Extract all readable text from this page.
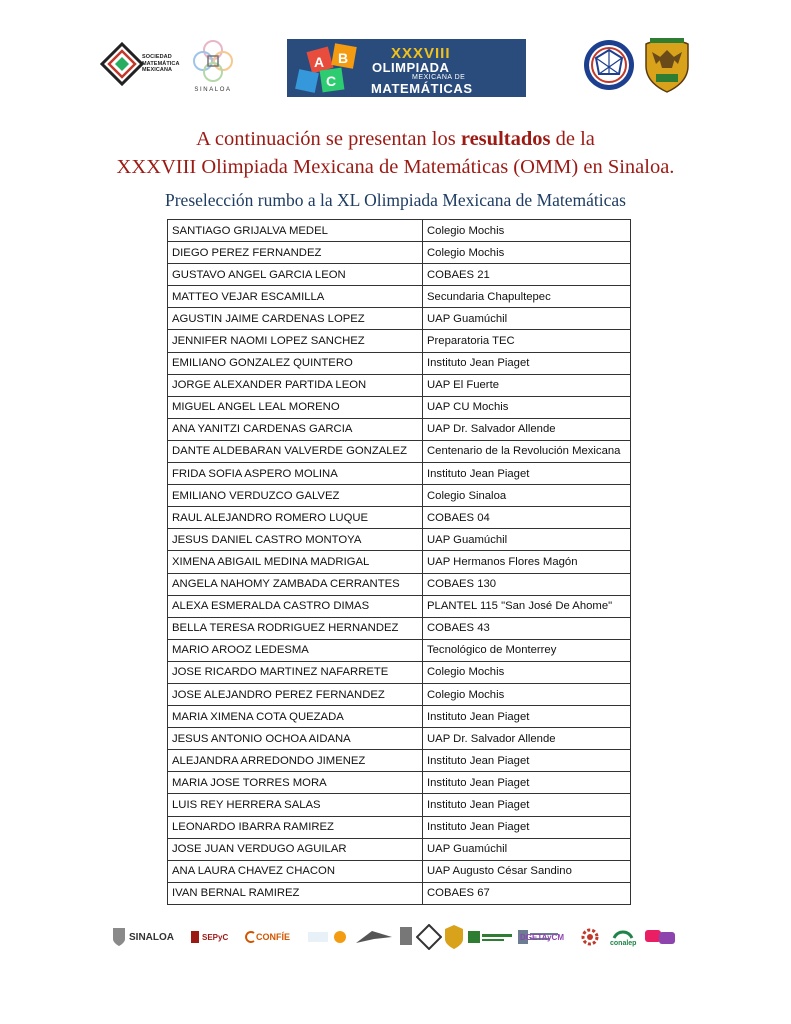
SOCIEDAD
MATEMÁTICA
MEXICANA
SINALOA
A B
C
XXXVIII
OLIMPIADA
MEXICANA DE
MATEMÁTICAS
A continuación se presentan los resultados de la
XXXVIII Olimpiada Mexicana de Matemáticas (OMM) en Sinaloa.
Preselección rumbo a la XL Olimpiada Mexicana de Matemáticas
SANTIAGO GRIJALVA MEDEL	Colegio Mochis
DIEGO PEREZ FERNANDEZ	Colegio Mochis
GUSTAVO ANGEL GARCIA LEON	COBAES 21
MATTEO VEJAR ESCAMILLA	Secundaria Chapultepec
AGUSTIN JAIME CARDENAS LOPEZ	UAP Guamúchil
JENNIFER NAOMI LOPEZ SANCHEZ	Preparatoria TEC
EMILIANO GONZALEZ QUINTERO	Instituto Jean Piaget
JORGE ALEXANDER PARTIDA LEON	UAP El Fuerte
MIGUEL ANGEL LEAL MORENO	UAP CU Mochis
ANA YANITZI CARDENAS GARCIA	UAP Dr. Salvador Allende
DANTE ALDEBARAN VALVERDE GONZALEZ	Centenario de la Revolución Mexicana
FRIDA SOFIA ASPERO MOLINA	Instituto Jean Piaget
EMILIANO VERDUZCO GALVEZ	Colegio Sinaloa
RAUL ALEJANDRO ROMERO LUQUE	COBAES 04
JESUS DANIEL CASTRO MONTOYA	UAP Guamúchil
XIMENA ABIGAIL MEDINA MADRIGAL	UAP Hermanos Flores Magón
ANGELA NAHOMY ZAMBADA CERRANTES	COBAES 130
ALEXA ESMERALDA CASTRO DIMAS	PLANTEL 115 "San José De Ahome"
BELLA TERESA RODRIGUEZ HERNANDEZ	COBAES 43
MARIO AROOZ LEDESMA	Tecnológico de Monterrey
JOSE RICARDO MARTINEZ NAFARRETE	Colegio Mochis
JOSE ALEJANDRO PEREZ FERNANDEZ	Colegio Mochis
MARIA XIMENA COTA QUEZADA	Instituto Jean Piaget
JESUS ANTONIO OCHOA AIDANA	UAP Dr. Salvador Allende
ALEJANDRA ARREDONDO JIMENEZ	Instituto Jean Piaget
MARIA JOSE TORRES MORA	Instituto Jean Piaget
LUIS REY HERRERA SALAS	Instituto Jean Piaget
LEONARDO IBARRA RAMIREZ	Instituto Jean Piaget
JOSE JUAN VERDUGO AGUILAR	UAP Guamúchil
ANA LAURA CHAVEZ CHACON	UAP Augusto César Sandino
IVAN BERNAL RAMIREZ	COBAES 67
SINALOA	SEPyC	CONFÍE	DGETAyCM
conalep
